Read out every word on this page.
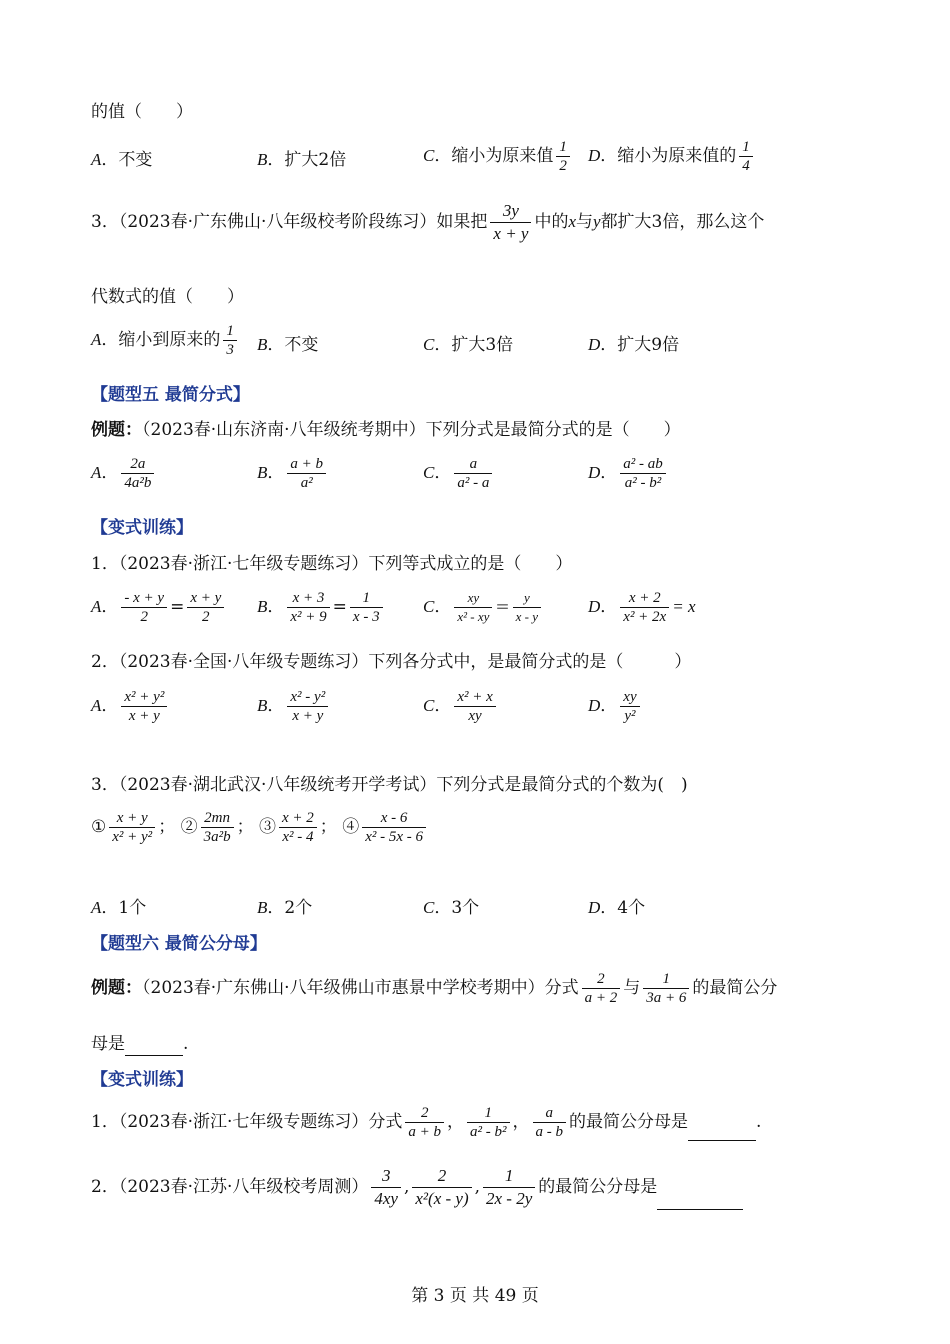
的值（　　）
A．不变	B．扩大2倍	C．缩小为原来值 $\frac{1}{2}$ D．缩小为原来值的 $\frac{1}{4}$
3．（2023春·广东佛山·八年级校考阶段练习）如果把 $\frac{3y}{x + y}$ 中的x与y都扩大3倍，那么这个
代数式的值（　　）
A．缩小到原来的 $\frac{1}{3}$ B．不变	C．扩大3倍	D．扩大9倍
【题型五 最简分式】
例题：（2023春·山东济南·八年级统考期中）下列分式是最简分式的是（　　）
A． $\frac{2a}{\text{4a²b}}$	B． $\frac{a + b}{\text{a²}}$	C． $\frac{a}{\text{a² - a}}$	D． $\frac{\text{a² - ab}}{\text{a² - b²}}$
【变式训练】
1．（2023春·浙江·七年级专题练习）下列等式成立的是（　　）
A． $\frac{- x + y}{2} = \frac{x + y}{2}$ B． $\frac{x + 3}{\text{x² + 9}} = \frac{1}{x - 3}$ C． $\frac{xy}{\text{x² - xy}} = \frac{y}{x - y}$	D． $\frac{x + 2}{\text{x² + 2x}} = x$
2．（2023春·全国·八年级专题练习）下列各分式中，是最简分式的是（　　　）
A． $\frac{\text{x² + y²}}{x + y}$	B． $\frac{\text{x² - y²}}{x + y}$	C． $\frac{\text{x² + x}}{xy}$	D． $\frac{xy}{\text{y²}}$
3．（2023春·湖北武汉·八年级统考开学考试）下列分式是最简分式的个数为(　)
① $\frac{x + y}{\text{x² + y²}}$ ； ② $\frac{2mn}{\text{3a²b}}$ ； ③ $\frac{x + 2}{\text{x² - 4}}$ ； ④ $\frac{x - 6}{\text{x² - 5x - 6}}$
A．1个	B．2个	C．3个	D．4个
【题型六 最简公分母】
例题：（2023春·广东佛山·八年级佛山市惠景中学校考期中）分式 $\frac{2}{a + 2}$ 与 $\frac{1}{3a + 6}$ 的最简公分
母是	.
【变式训练】
1．（2023春·浙江·七年级专题练习）分式 $\frac{2}{a + b}$ ， $\frac{1}{\text{a² - b²}}$ ， $\frac{a}{a - b}$ 的最简公分母是	.
2．（2023春·江苏·八年级校考周测） $\frac{3}{4xy}$ , $\frac{2}{\text{x²(x - y)}}$ , $\frac{1}{2x - 2y}$ 的最简公分母是
第 3 页 共 49 页
